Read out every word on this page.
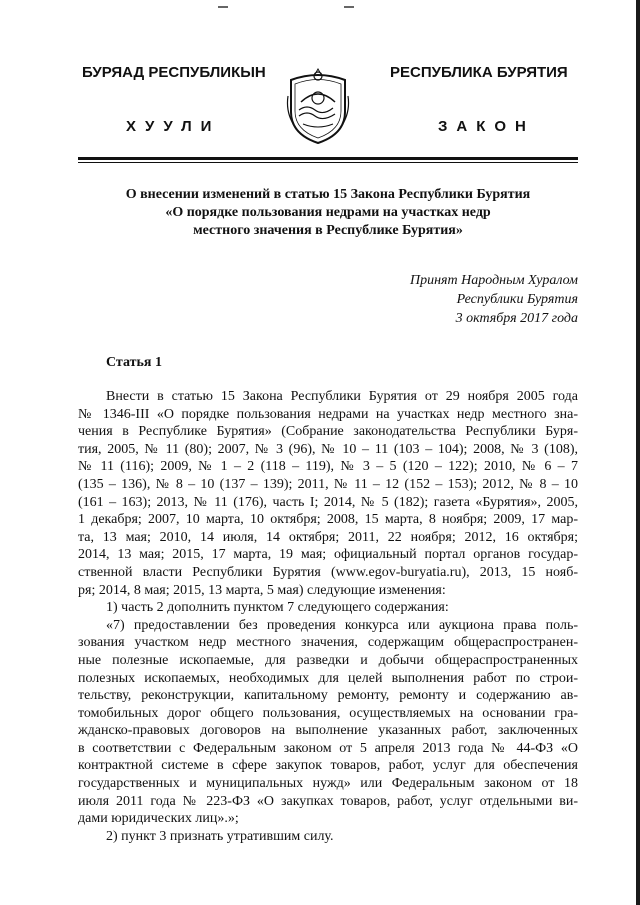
БУРЯАД РЕСПУБЛИКЫН
ХУУЛИ
РЕСПУБЛИКА БУРЯТИЯ
ЗАКОН
О внесении изменений в статью 15 Закона Республики Бурятия
«О порядке пользования недрами на участках недр
местного значения в Республике Бурятия»
Принят Народным Хуралом
Республики Бурятия
3 октября 2017 года
Статья 1
Внести в статью 15 Закона Республики Бурятия от 29 ноября 2005 года
№ 1346-III «О порядке пользования недрами на участках недр местного зна-
чения в Республике Бурятия» (Собрание законодательства Республики Буря-
тия, 2005, № 11 (80); 2007, № 3 (96), № 10 – 11 (103 – 104); 2008, № 3 (108),
№ 11 (116); 2009, № 1 – 2 (118 – 119), № 3 – 5 (120 – 122); 2010, № 6 – 7
(135 – 136), № 8 – 10 (137 – 139); 2011, № 11 – 12 (152 – 153); 2012, № 8 – 10
(161 – 163); 2013, № 11 (176), часть I; 2014, № 5 (182); газета «Бурятия», 2005,
1 декабря; 2007, 10 марта, 10 октября; 2008, 15 марта, 8 ноября; 2009, 17 мар-
та, 13 мая; 2010, 14 июля, 14 октября; 2011, 22 ноября; 2012, 16 октября;
2014, 13 мая; 2015, 17 марта, 19 мая; официальный портал органов государ-
ственной власти Республики Бурятия (www.egov-buryatia.ru), 2013, 15 нояб-
ря; 2014, 8 мая; 2015, 13 марта, 5 мая) следующие изменения:
1) часть 2 дополнить пунктом 7 следующего содержания:
«7) предоставлении без проведения конкурса или аукциона права поль-
зования участком недр местного значения, содержащим общераспространен-
ные полезные ископаемые, для разведки и добычи общераспространенных
полезных ископаемых, необходимых для целей выполнения работ по строи-
тельству, реконструкции, капитальному ремонту, ремонту и содержанию ав-
томобильных дорог общего пользования, осуществляемых на основании гра-
жданско-правовых договоров на выполнение указанных работ, заключенных
в соответствии с Федеральным законом от 5 апреля 2013 года № 44-ФЗ «О
контрактной системе в сфере закупок товаров, работ, услуг для обеспечения
государственных и муниципальных нужд» или Федеральным законом от 18
июля 2011 года № 223-ФЗ «О закупках товаров, работ, услуг отдельными ви-
дами юридических лиц».»;
2) пункт 3 признать утратившим силу.
